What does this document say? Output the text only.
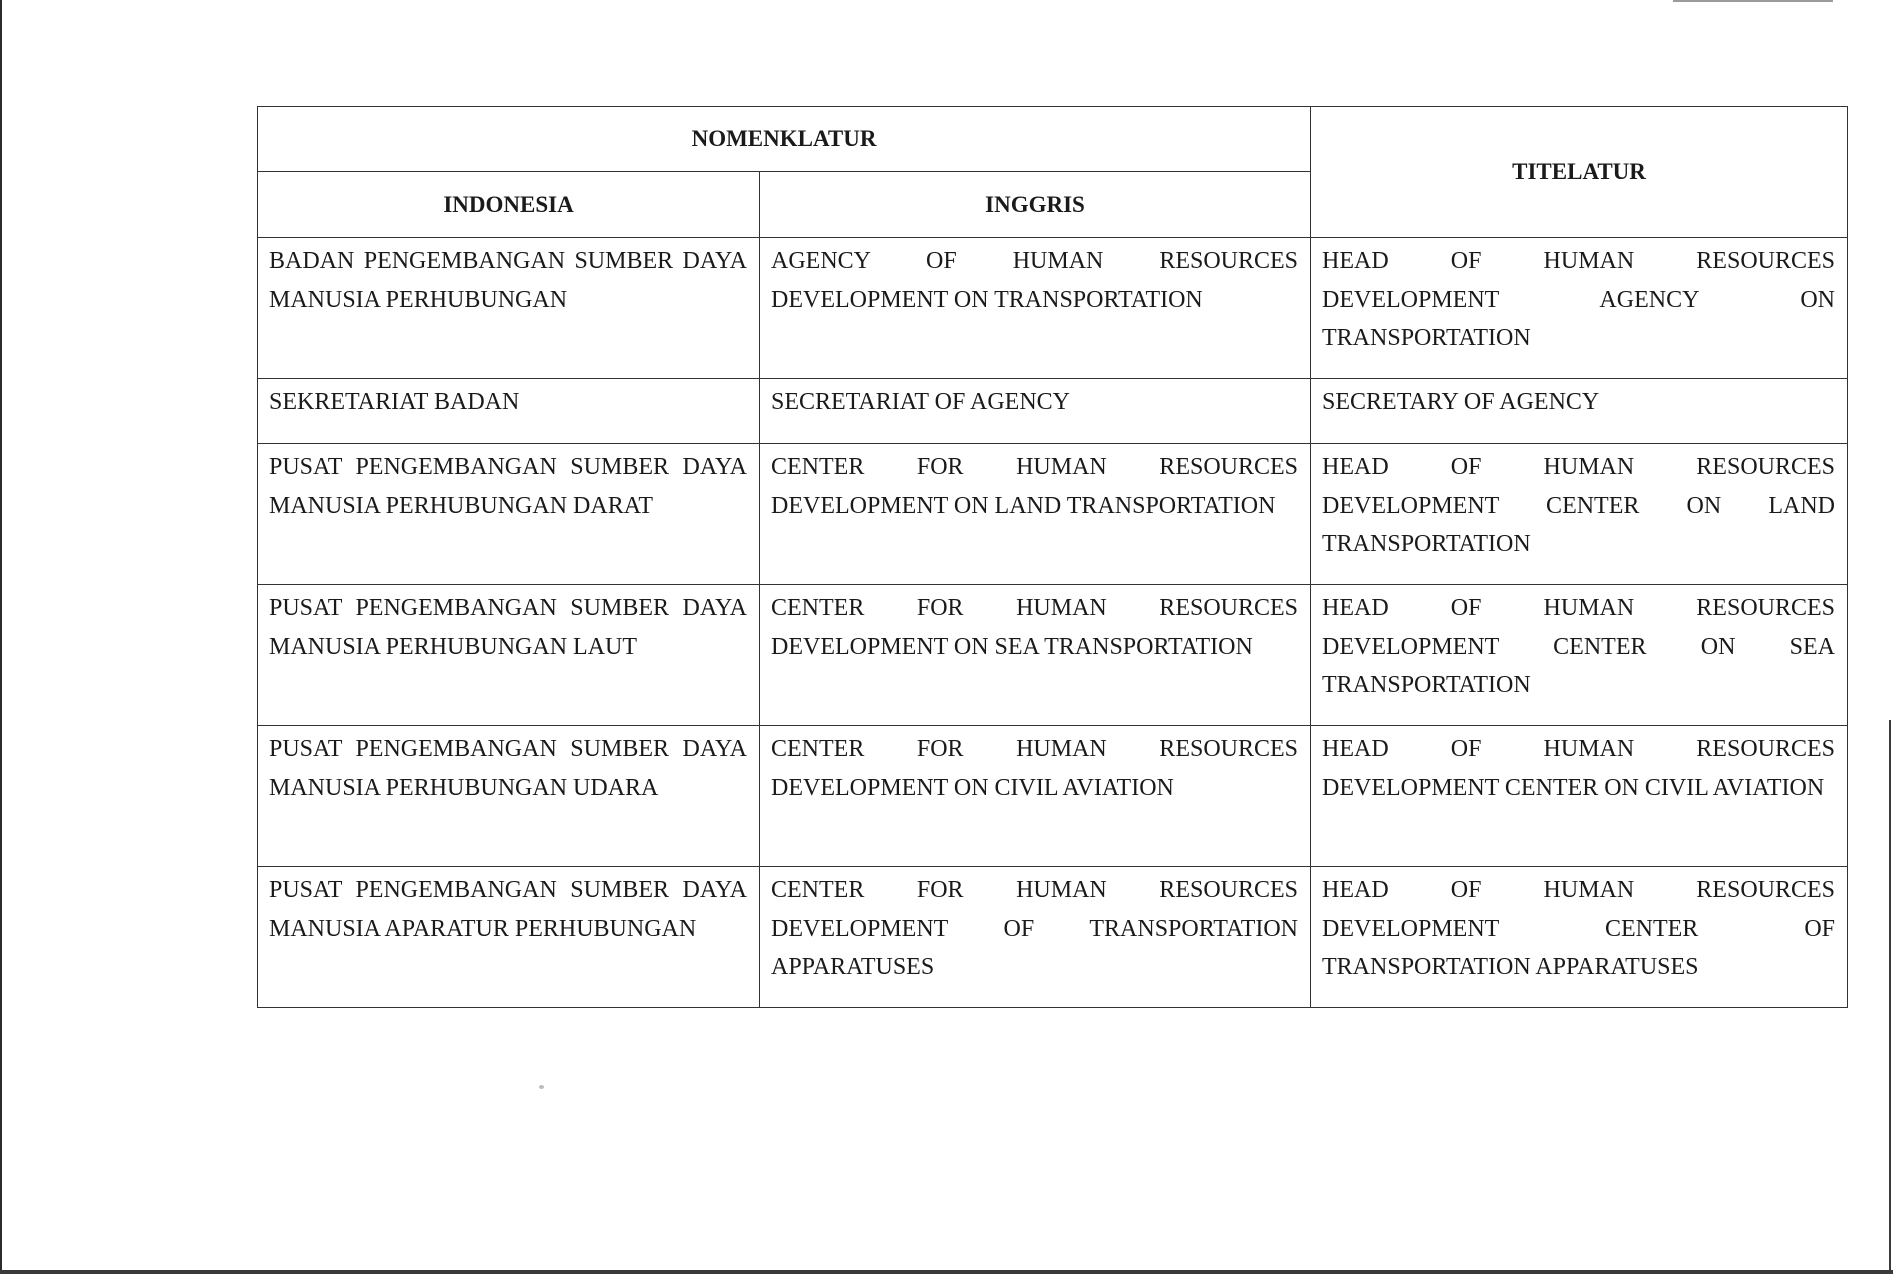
NOMENKLATUR		TITELATUR
INDONESIA	INGGRIS	
BADAN PENGEMBANGAN SUMBER DAYA MANUSIA PERHUBUNGAN	AGENCY OF HUMAN RESOURCES DEVELOPMENT ON TRANSPORTATION	HEAD OF HUMAN RESOURCES DEVELOPMENT AGENCY ON TRANSPORTATION
SEKRETARIAT BADAN	SECRETARIAT OF AGENCY	SECRETARY OF AGENCY
PUSAT PENGEMBANGAN SUMBER DAYA MANUSIA PERHUBUNGAN DARAT	CENTER FOR HUMAN RESOURCES DEVELOPMENT ON LAND TRANSPORTATION	HEAD OF HUMAN RESOURCES DEVELOPMENT CENTER ON LAND TRANSPORTATION
PUSAT PENGEMBANGAN SUMBER DAYA MANUSIA PERHUBUNGAN LAUT	CENTER FOR HUMAN RESOURCES DEVELOPMENT ON SEA TRANSPORTATION	HEAD OF HUMAN RESOURCES DEVELOPMENT CENTER ON SEA TRANSPORTATION
PUSAT PENGEMBANGAN SUMBER DAYA MANUSIA PERHUBUNGAN UDARA	CENTER FOR HUMAN RESOURCES DEVELOPMENT ON CIVIL AVIATION	HEAD OF HUMAN RESOURCES DEVELOPMENT CENTER ON CIVIL AVIATION
PUSAT PENGEMBANGAN SUMBER DAYA MANUSIA APARATUR PERHUBUNGAN	CENTER FOR HUMAN RESOURCES DEVELOPMENT OF TRANSPORTATION APPARATUSES	HEAD OF HUMAN RESOURCES DEVELOPMENT CENTER OF TRANSPORTATION APPARATUSES
